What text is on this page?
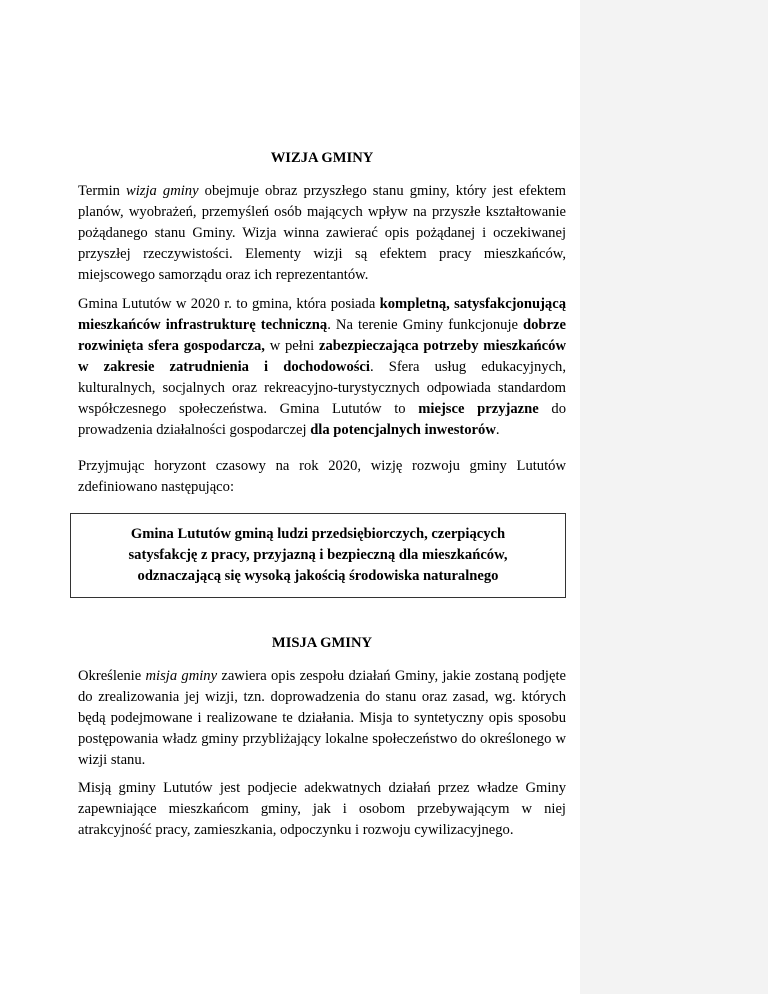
WIZJA GMINY

Termin wizja gminy obejmuje obraz przyszłego stanu gminy, który jest efektem planów, wyobrażeń, przemyśleń osób mających wpływ na przyszłe kształtowanie pożądanego stanu Gminy. Wizja winna zawierać opis pożądanej i oczekiwanej przyszłej rzeczywistości. Elementy wizji są efektem pracy mieszkańców, miejscowego samorządu oraz ich reprezentantów.

Gmina Lututów w 2020 r. to gmina, która posiada kompletną, satysfakcjonującą mieszkańców infrastrukturę techniczną. Na terenie Gminy funkcjonuje dobrze rozwinięta sfera gospodarcza, w pełni zabezpieczająca potrzeby mieszkańców w zakresie zatrudnienia i dochodowości. Sfera usług edukacyjnych, kulturalnych, socjalnych oraz rekreacyjno-turystycznych odpowiada standardom współczesnego społeczeństwa. Gmina Lututów to miejsce przyjazne do prowadzenia działalności gospodarczej dla potencjalnych inwestorów.

Przyjmując horyzont czasowy na rok 2020, wizję rozwoju gminy Lututów zdefiniowano następująco:

Gmina Lututów gminą ludzi przedsiębiorczych, czerpiących satysfakcję z pracy, przyjazną i bezpieczną dla mieszkańców, odznaczającą się wysoką jakością środowiska naturalnego

MISJA GMINY

Określenie misja gminy zawiera opis zespołu działań Gminy, jakie zostaną podjęte do zrealizowania jej wizji, tzn. doprowadzenia do stanu oraz zasad, wg. których będą podejmowane i realizowane te działania. Misja to syntetyczny opis sposobu postępowania władz gminy przybliżający lokalne społeczeństwo do określonego w wizji stanu.

Misją gminy Lututów jest podjecie adekwatnych działań przez władze Gminy zapewniające mieszkańcom gminy, jak i osobom przebywającym w niej atrakcyjność pracy, zamieszkania, odpoczynku i rozwoju cywilizacyjnego.
